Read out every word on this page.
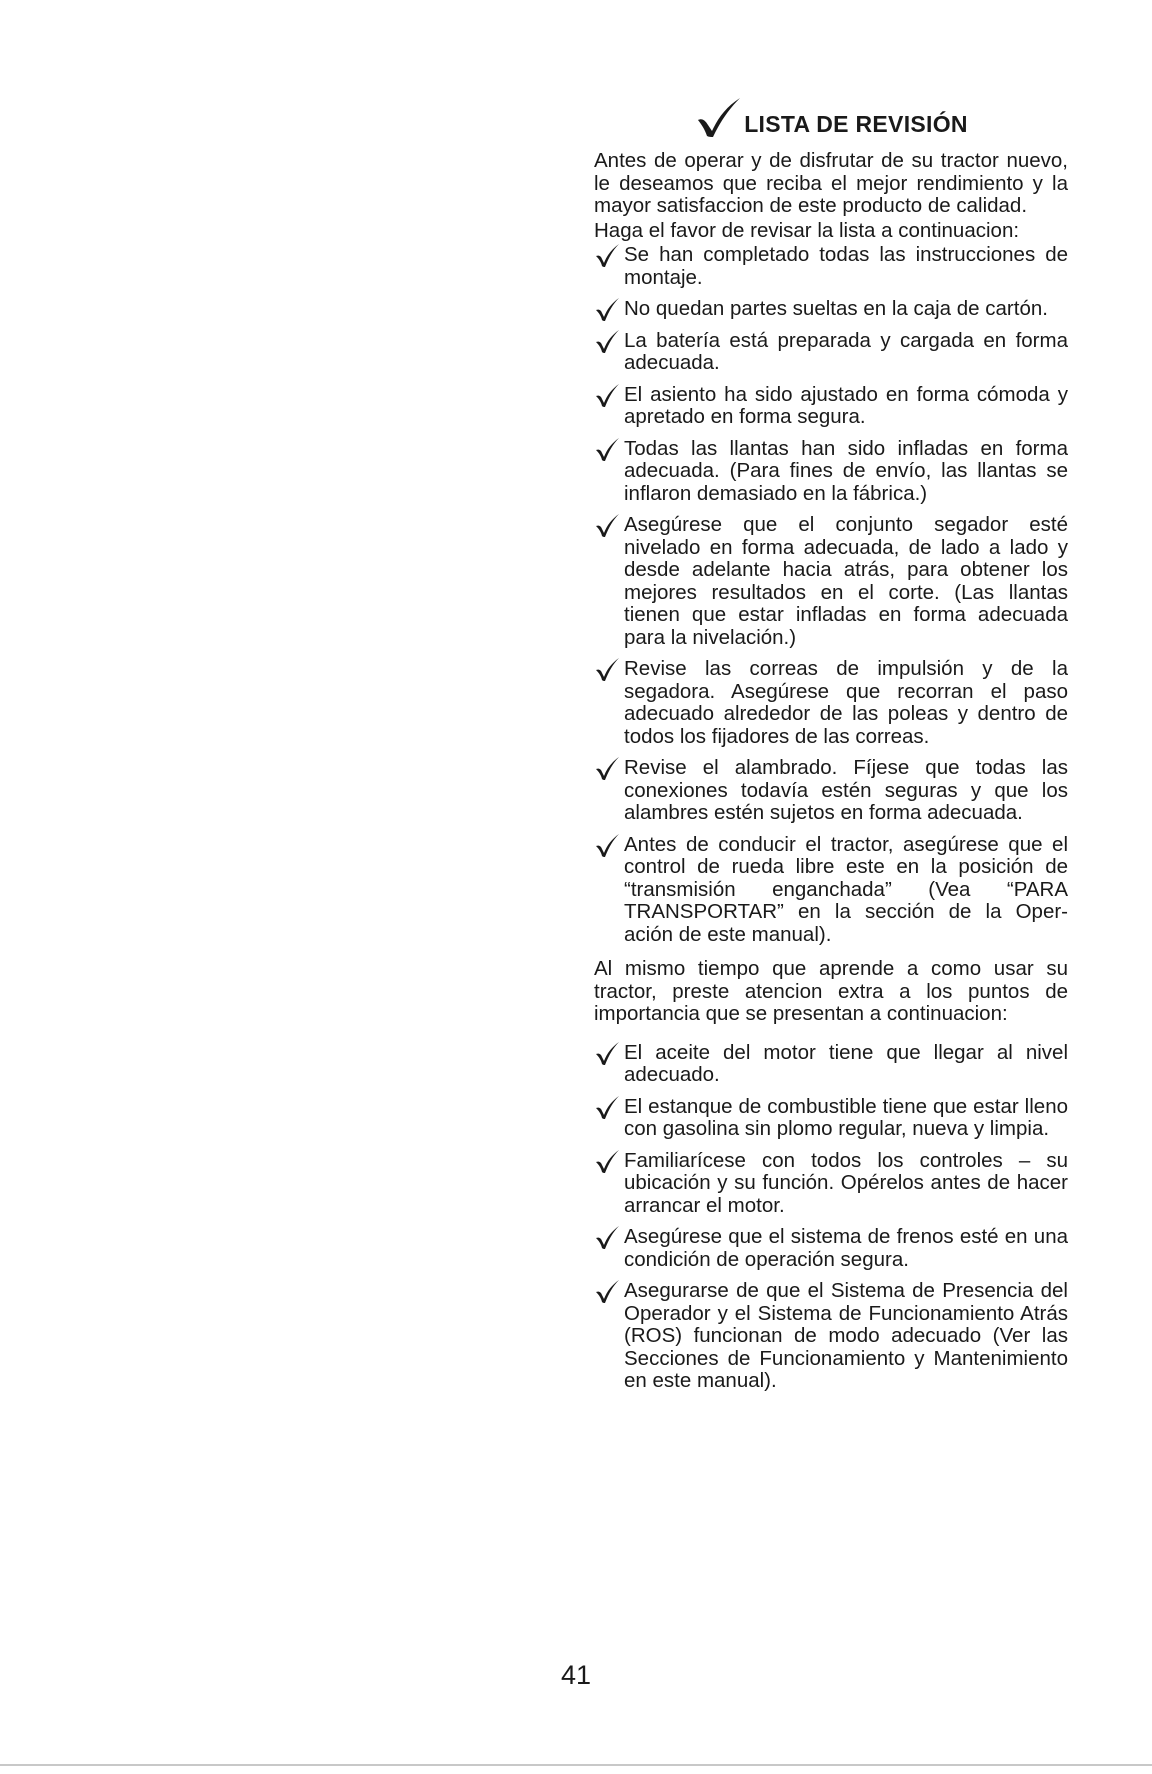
LISTA DE REVISIÓN

Antes de operar y de disfrutar de su tractor nuevo, le deseamos que reciba el mejor rendimiento y la mayor satisfaccion de este producto de calidad.

Haga el favor de revisar la lista a continuacion:

Se han completado todas las instrucciones de montaje.
No quedan partes sueltas en la caja de cartón.
La batería está preparada y cargada en forma adecuada.
El asiento ha sido ajustado en forma cómoda y apretado en forma segura.
Todas las llantas han sido infladas en forma adecuada. (Para fines de envío, las llantas se inflaron demasiado en la fábrica.)
Asegúrese que el conjunto segador esté nivelado en forma adecuada, de lado a lado y desde adelante hacia atrás, para obtener los mejores resultados en el corte. (Las llantas tienen que estar infladas en forma adecuada para la nivelación.)
Revise las correas de impulsión y de la segadora. Asegúrese que recorran el paso adecuado alrededor de las poleas y dentro de todos los fijadores de las correas.
Revise el alambrado. Fíjese que todas las conexiones todavía estén seguras y que los alambres estén sujetos en forma adecuada.
Antes de conducir el tractor, asegúrese que el control de rueda libre este en la posición de “transmisión enganchada” (Vea “PARA TRANSPORTAR” en la sección de la Oper- ación de este manual).

Al mismo tiempo que aprende a como usar su tractor, preste atencion extra a los puntos de importancia que se presentan a continuacion:

El aceite del motor tiene que llegar al nivel adecuado.
El estanque de combustible tiene que estar lleno con gasolina sin plomo regular, nueva y limpia.
Familiarícese con todos los controles – su ubicación y su función. Opérelos antes de hacer arrancar el motor.
Asegúrese que el sistema de frenos esté en una condición de operación segura.
Asegurarse de que el Sistema de Presencia del Operador y el Sistema de Funcionamiento Atrás (ROS) funcionan de modo adecuado (Ver las Secciones de Funcionamiento y Mantenimiento en este manual).
41
